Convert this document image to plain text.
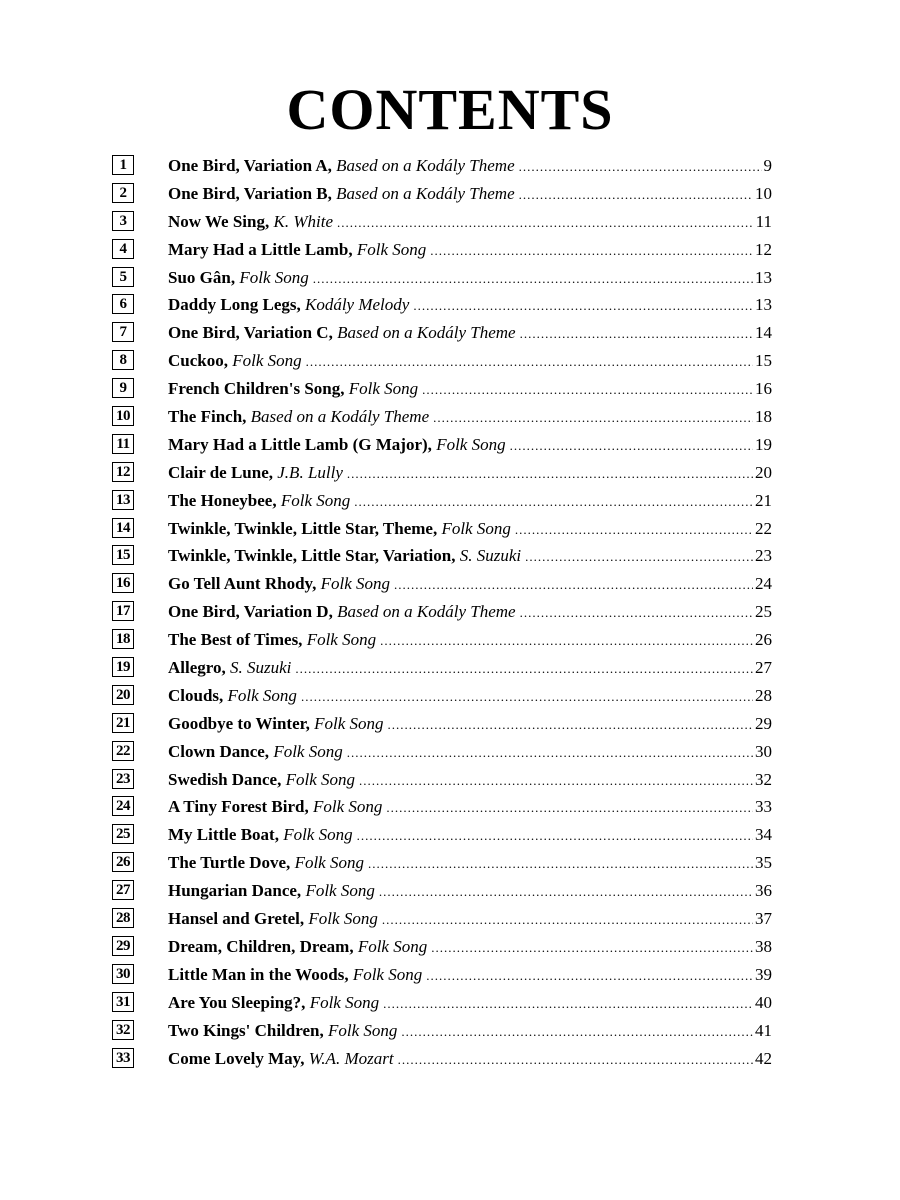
CONTENTS
1	One Bird, Variation A,
Based on a Kodály Theme .....	9
2	One Bird, Variation B,
Based on a Kodály Theme .....	10
3	Now We Sing,
K. White .....	11
4	Mary Had a Little Lamb,
Folk Song .....	12
5	Suo Gân,
Folk Song .....	13
6	Daddy Long Legs,
Kodály Melody .....	13
7	One Bird, Variation C,
Based on a Kodály Theme .....	14
8	Cuckoo,
Folk Song .....	15
9	French Children's Song,
Folk Song .....	16
10 The Finch,
Based on a Kodály Theme .....	18
11 Mary Had a Little Lamb (G Major),
Folk Song .....	19
12 Clair de Lune,
J.B. Lully .....	20
13 The Honeybee,
Folk Song .....	21
14 Twinkle, Twinkle, Little Star, Theme,
Folk Song .....	22
15 Twinkle, Twinkle, Little Star, Variation,
S. Suzuki .....	23
16 Go Tell Aunt Rhody,
Folk Song .....	24
17 One Bird, Variation D,
Based on a Kodály Theme .....	25
18 The Best of Times,
Folk Song .....	26
19 Allegro,
S. Suzuki .....	27
20 Clouds,
Folk Song .....	28
21 Goodbye to Winter,
Folk Song .....	29
22 Clown Dance,
Folk Song .....	30
23 Swedish Dance,
Folk Song .....	32
24 A Tiny Forest Bird,
Folk Song .....	33
25 My Little Boat,
Folk Song .....	34
26 The Turtle Dove,
Folk Song .....	35
27 Hungarian Dance,
Folk Song .....	36
28 Hansel and Gretel,
Folk Song .....	37
29 Dream, Children, Dream,
Folk Song .....	38
30 Little Man in the Woods,
Folk Song .....	39
31 Are You Sleeping?,
Folk Song .....	40
32 Two Kings' Children,
Folk Song .....	41
33 Come Lovely May,
W.A. Mozart .....	42
